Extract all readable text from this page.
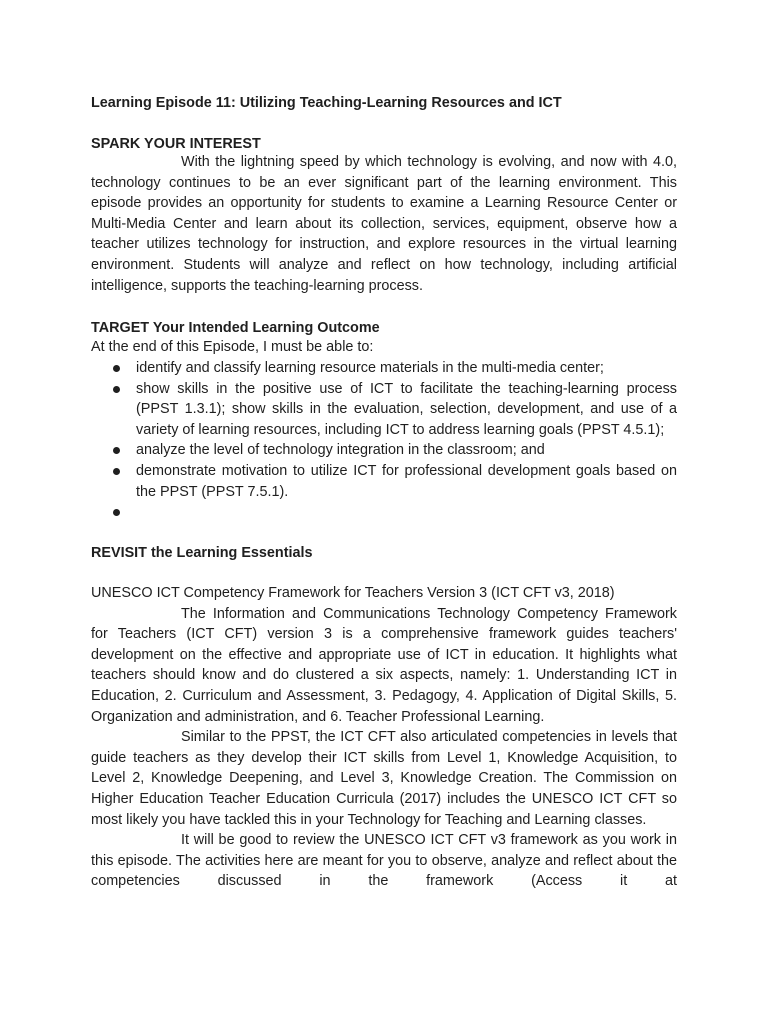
Learning Episode 11: Utilizing Teaching-Learning Resources and ICT
SPARK YOUR INTEREST

With the lightning speed by which technology is evolving, and now with 4.0, technology continues to be an ever significant part of the learning environment. This episode provides an opportunity for students to examine a Learning Resource Center or Multi-Media Center and learn about its collection, services, equipment, observe how a teacher utilizes technology for instruction, and explore resources in the virtual learning environment. Students will analyze and reflect on how technology, including artificial intelligence, supports the teaching-learning process.

TARGET Your Intended Learning Outcome

At the end of this Episode, I must be able to:

identify and classify learning resource materials in the multi-media center;
show skills in the positive use of ICT to facilitate the teaching-learning process (PPST 1.3.1); show skills in the evaluation, selection, development, and use of a variety of learning resources, including ICT to address learning goals (PPST 4.5.1);
analyze the level of technology integration in the classroom; and
demonstrate motivation to utilize ICT for professional development goals based on the PPST (PPST 7.5.1).
REVISIT the Learning Essentials

UNESCO ICT Competency Framework for Teachers Version 3 (ICT CFT v3, 2018)

The Information and Communications Technology Competency Framework for Teachers (ICT CFT) version 3 is a comprehensive framework guides teachers' development on the effective and appropriate use of ICT in education. It highlights what teachers should know and do clustered a six aspects, namely: 1. Understanding ICT in Education, 2. Curriculum and Assessment, 3. Pedagogy, 4. Application of Digital Skills, 5. Organization and administration, and 6. Teacher Professional Learning.

Similar to the PPST, the ICT CFT also articulated competencies in levels that guide teachers as they develop their ICT skills from Level 1, Knowledge Acquisition, to Level 2, Knowledge Deepening, and Level 3, Knowledge Creation. The Commission on Higher Education Teacher Education Curricula (2017) includes the UNESCO ICT CFT so most likely you have tackled this in your Technology for Teaching and Learning classes.

It will be good to review the UNESCO ICT CFT v3 framework as you work in this episode. The activities here are meant for you to observe, analyze and reflect about the competencies discussed in the framework (Access it at
